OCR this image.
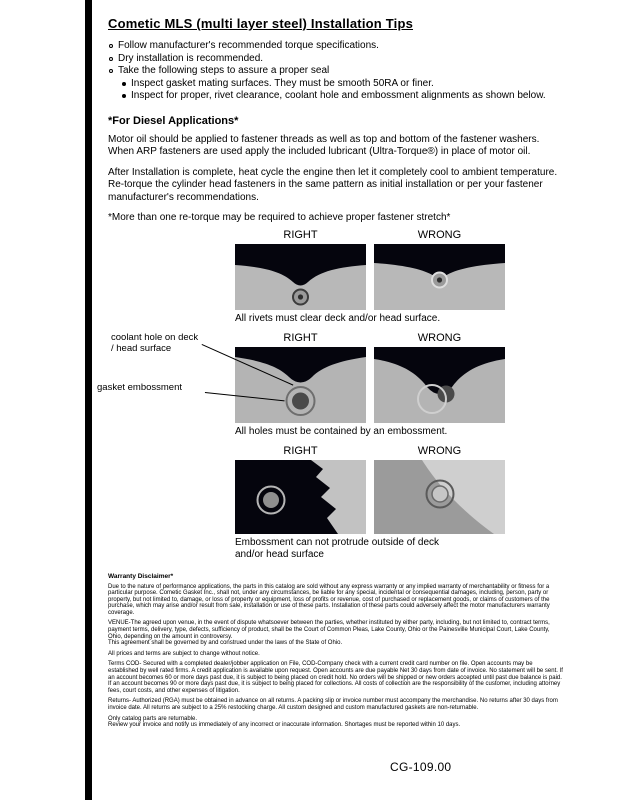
Cometic MLS (multi layer steel) Installation Tips
Follow manufacturer's recommended torque specifications.
Dry installation is recommended.
Take the following steps to assure a proper seal
Inspect gasket mating surfaces. They must be smooth 50RA or finer.
Inspect for proper, rivet clearance, coolant hole and embossment alignments as shown below.
*For Diesel Applications*

Motor oil should be applied to fastener threads as well as top and bottom of the fastener washers. When ARP fasteners are used apply the included lubricant (Ultra-Torque®) in place of motor oil.

After Installation is complete, heat cycle the engine then let it completely cool to ambient temperature. Re-torque the cylinder head fasteners in the same pattern as initial installation or per your fastener manufacturer's recommendations.

*More than one re-torque may be required to achieve proper fastener stretch*

RIGHT	WRONG
All rivets must clear deck and/or head surface.
coolant hole on deck / head surface
gasket embossment
RIGHT	WRONG
All holes must be contained by an embossment.
RIGHT	WRONG
Embossment can not protrude outside of deck and/or head surface
Warranty Disclaimer*
Due to the nature of performance applications, the parts in this catalog are sold without any express warranty or any implied warranty of merchantability or fitness for a particular purpose. Cometic Gasket Inc., shall not, under any circumstances, be liable for any special, incidental or consequential damages, including, person, party or property, but not limited to, damage, or loss of property or equipment, loss of profits or revenue, cost of purchased or replacement goods, or claims of customers of the purchase, which may arise and/or result from sale, installation or use of these parts. Installation of these parts could adversely affect the motor manufacturers warranty coverage.
VENUE-The agreed upon venue, in the event of dispute whatsoever between the parties, whether instituted by either party, including, but not limited to, contract terms, payment terms, delivery, type, defects, sufficiency of product, shall be the Court of Common Pleas, Lake County, Ohio or the Painesville Municipal Court, Lake County, Ohio, depending on the amount in controversy.
This agreement shall be governed by and construed under the laws of the State of Ohio.
All prices and terms are subject to change without notice.
Terms COD- Secured with a completed dealer/jobber application on File, COD-Company check with a current credit card number on file. Open accounts may be established by well rated firms. A credit application is available upon request. Open accounts are due payable Net 30 days from date of invoice. No statement will be sent. If an account becomes 60 or more days past due, it is subject to being placed on credit hold. No orders will be shipped or new orders accepted until past due balance is paid. If an account becomes 90 or more days past due, it is subject to being placed for collections. All costs of collection are the responsibility of the customer, including attorney fees, court costs, and other expenses of litigation.
Returns- Authorized (RGA) must be obtained in advance on all returns. A packing slip or invoice number must accompany the merchandise. No returns after 30 days from invoice date. All returns are subject to a 25% restocking charge. All custom designed and custom manufactured gaskets are non-returnable.
Only catalog parts are returnable.
Review your invoice and notify us immediately of any incorrect or inaccurate information. Shortages must be reported within 10 days.
CG-109.00
